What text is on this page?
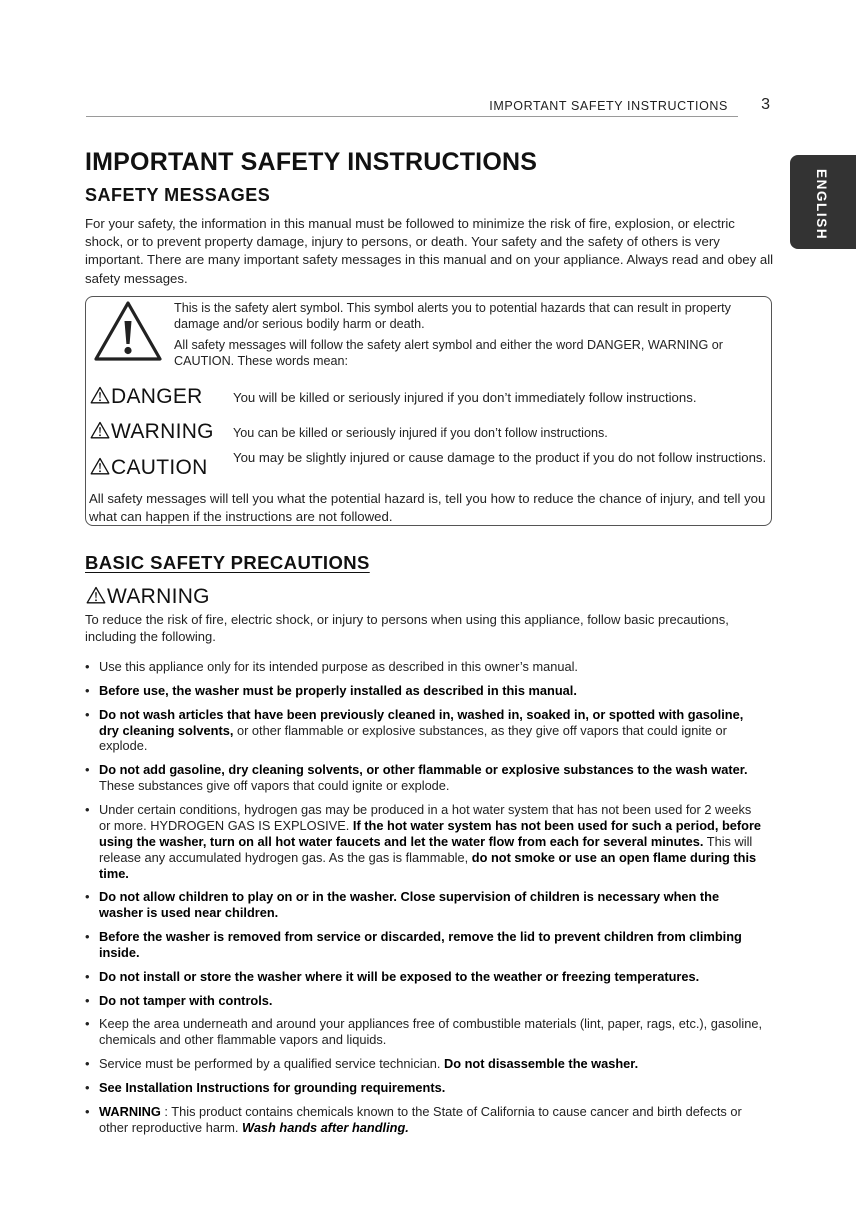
IMPORTANT SAFETY INSTRUCTIONS 3
ENGLISH
IMPORTANT SAFETY INSTRUCTIONS
SAFETY MESSAGES

For your safety, the information in this manual must be followed to minimize the risk of fire, explosion, or electric shock, or to prevent property damage, injury to persons, or death. Your safety and the safety of others is very important. There are many important safety messages in this manual and on your appliance. Always read and obey all safety messages.

This is the safety alert symbol. This symbol alerts you to potential hazards that can result in property damage and/or serious bodily harm or death.

All safety messages will follow the safety alert symbol and either the word DANGER, WARNING or CAUTION. These words mean:

DANGER You will be killed or seriously injured if you don’t immediately follow instructions.
WARNING You can be killed or seriously injured if you don’t follow instructions.
CAUTION You may be slightly injured or cause damage to the product if you do not follow instructions.

All safety messages will tell you what the potential hazard is, tell you how to reduce the chance of injury, and tell you what can happen if the instructions are not followed.

BASIC SAFETY PRECAUTIONS
WARNING

To reduce the risk of fire, electric shock, or injury to persons when using this appliance, follow basic precautions, including the following.

• Use this appliance only for its intended purpose as described in this owner’s manual.
• Before use, the washer must be properly installed as described in this manual.
• Do not wash articles that have been previously cleaned in, washed in, soaked in, or spotted with gasoline, dry cleaning solvents, or other flammable or explosive substances, as they give off vapors that could ignite or explode.
• Do not add gasoline, dry cleaning solvents, or other flammable or explosive substances to the wash water. These substances give off vapors that could ignite or explode.
• Under certain conditions, hydrogen gas may be produced in a hot water system that has not been used for 2 weeks or more. HYDROGEN GAS IS EXPLOSIVE. If the hot water system has not been used for such a period, before using the washer, turn on all hot water faucets and let the water flow from each for several minutes. This will release any accumulated hydrogen gas. As the gas is flammable, do not smoke or use an open flame during this time.
• Do not allow children to play on or in the washer. Close supervision of children is necessary when the washer is used near children.
• Before the washer is removed from service or discarded, remove the lid to prevent children from climbing inside.
• Do not install or store the washer where it will be exposed to the weather or freezing temperatures.
• Do not tamper with controls.
• Keep the area underneath and around your appliances free of combustible materials (lint, paper, rags, etc.), gasoline, chemicals and other flammable vapors and liquids.
• Service must be performed by a qualified service technician. Do not disassemble the washer.
• See Installation Instructions for grounding requirements.
• WARNING : This product contains chemicals known to the State of California to cause cancer and birth defects or other reproductive harm. Wash hands after handling.
